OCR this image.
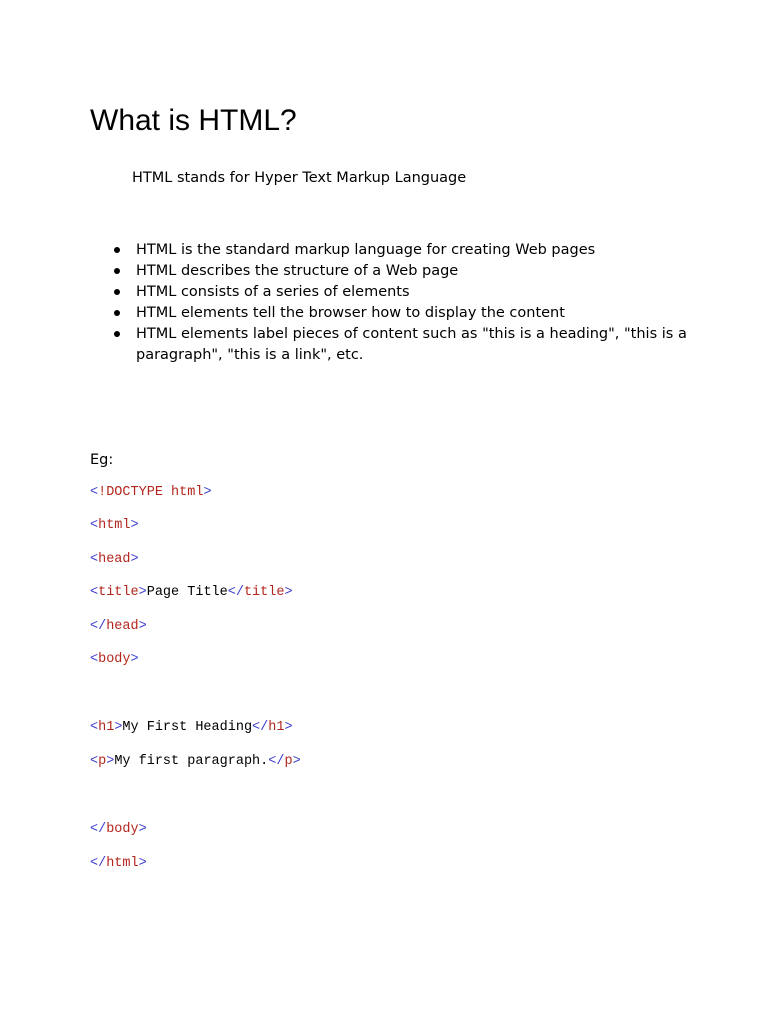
What is HTML?

HTML stands for Hyper Text Markup Language

HTML is the standard markup language for creating Web pages
HTML describes the structure of a Web page
HTML consists of a series of elements
HTML elements tell the browser how to display the content
HTML elements label pieces of content such as "this is a heading", "this is a paragraph", "this is a link", etc.

Eg:

<!DOCTYPE html>
<html>
<head>
<title>Page Title</title>
</head>
<body>
<h1>My First Heading</h1>
<p>My first paragraph.</p>
</body>
</html>
